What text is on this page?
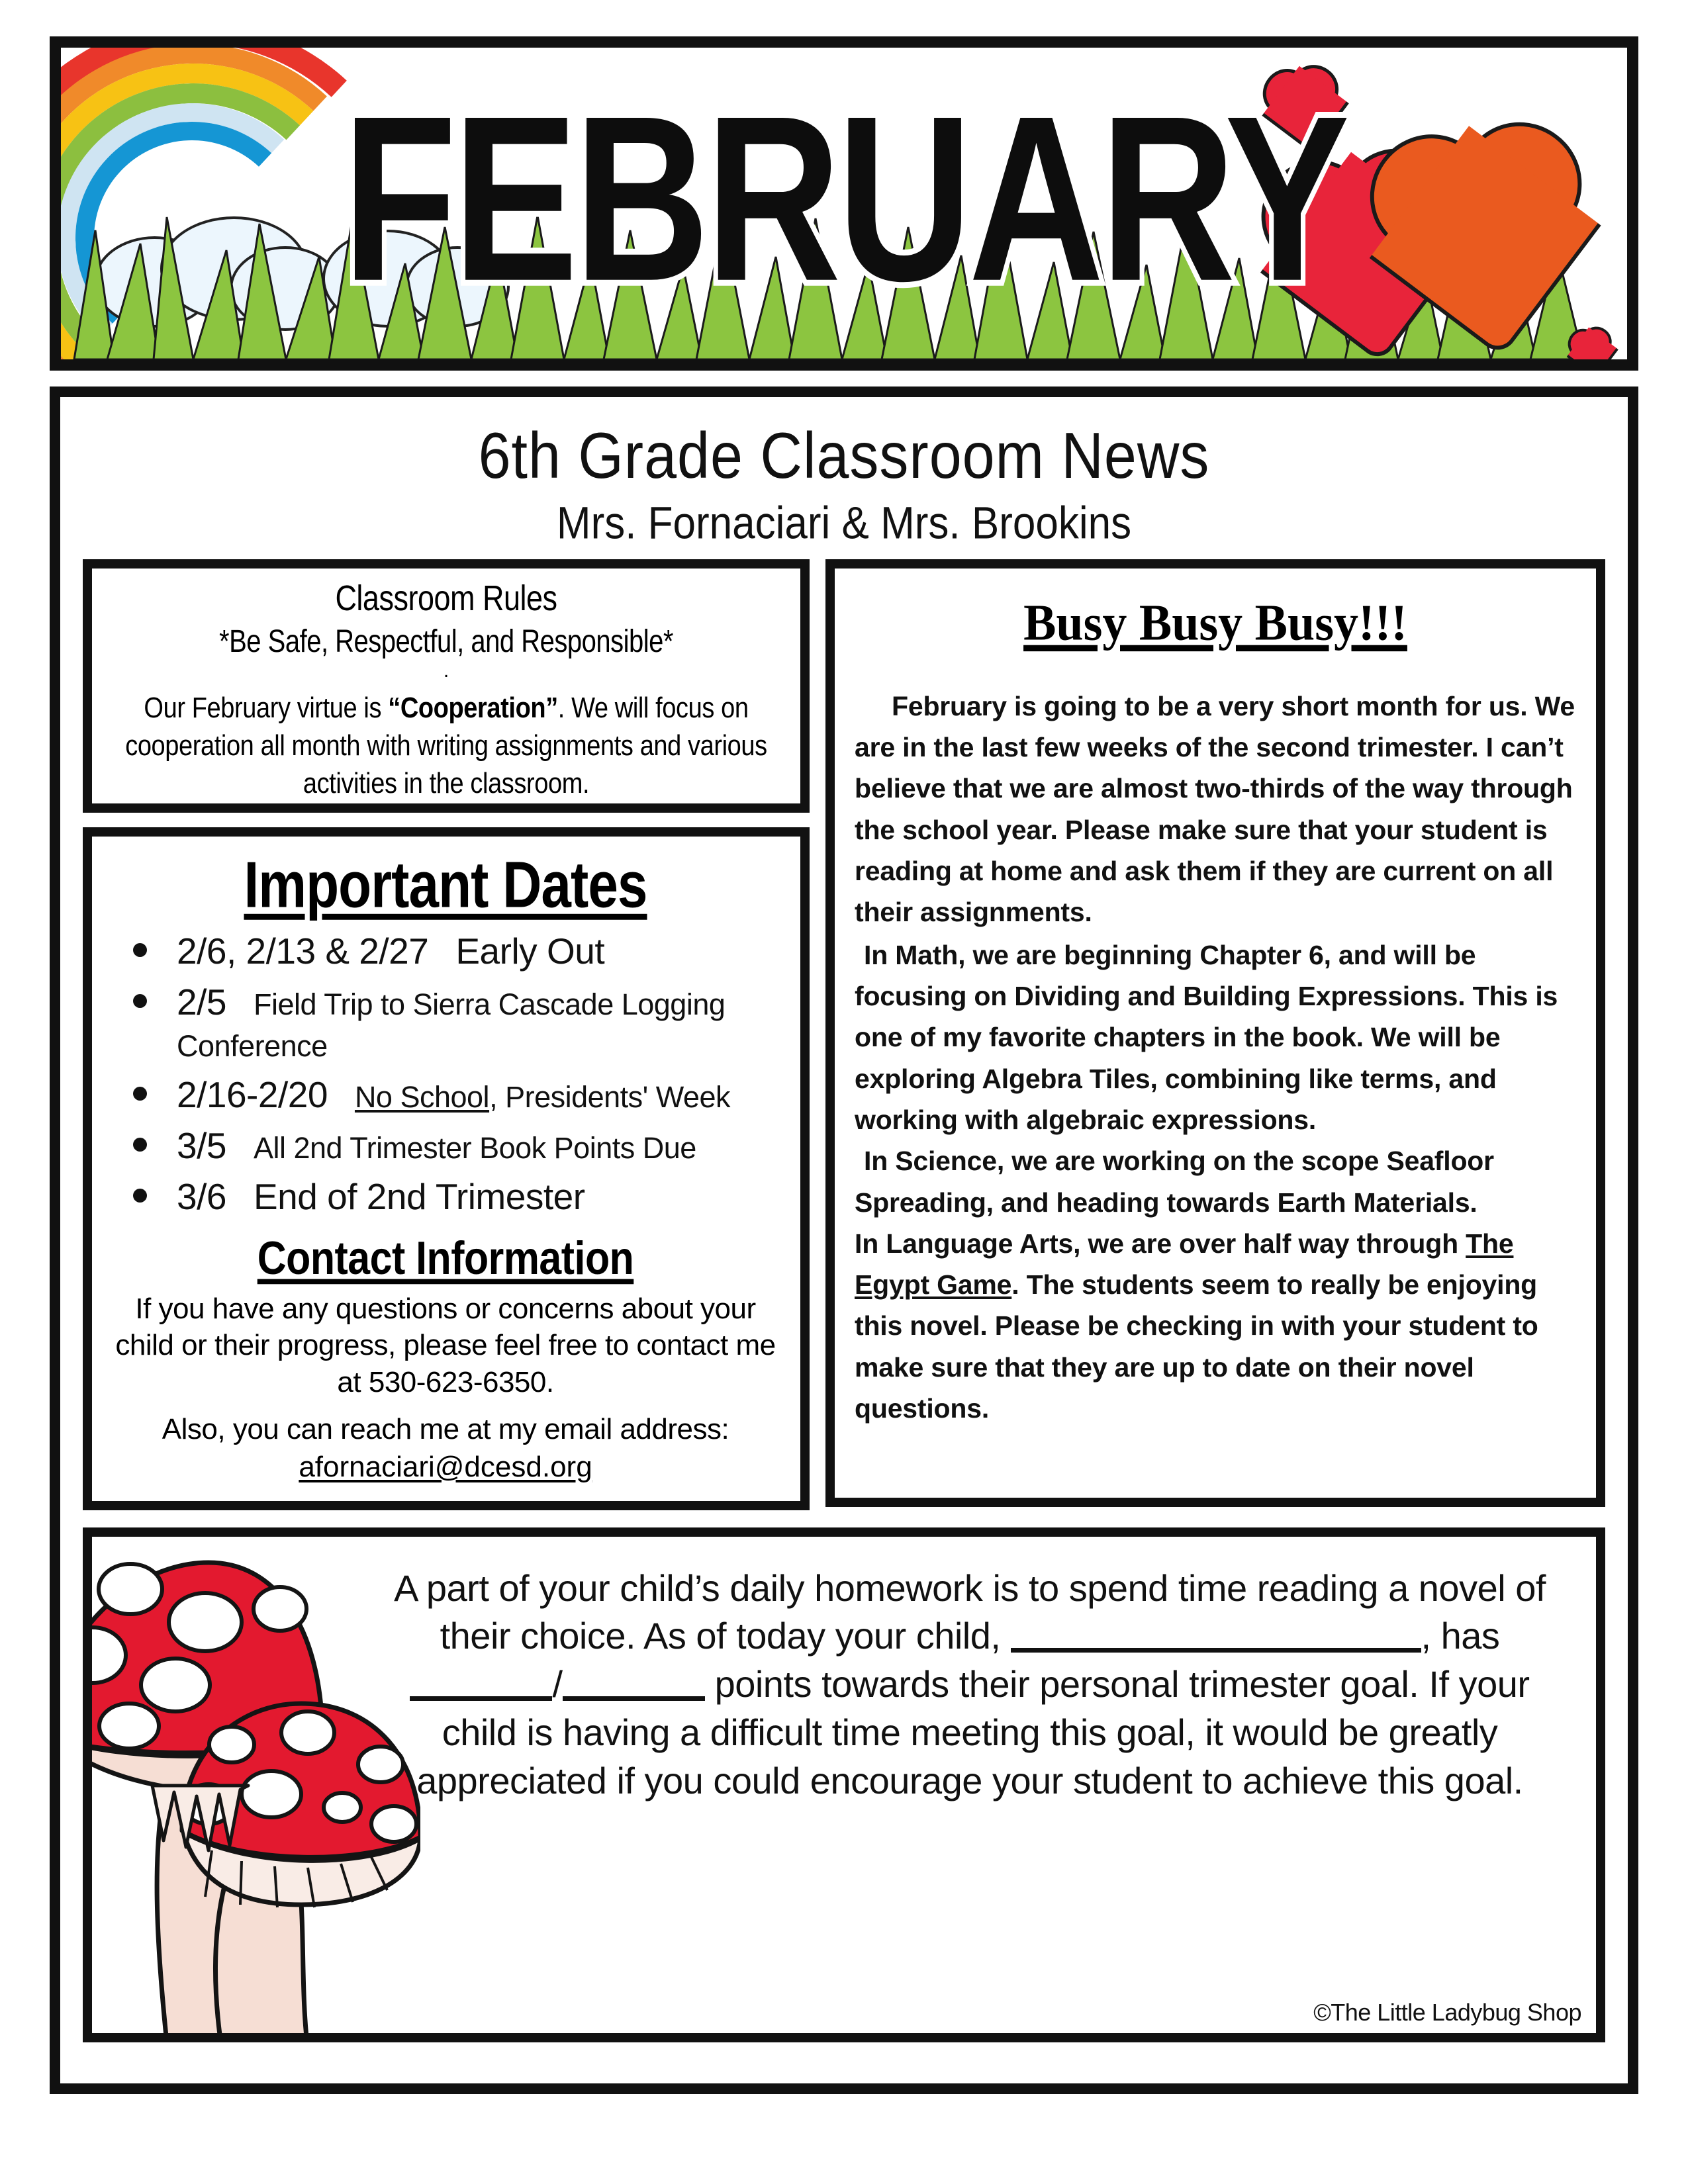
FEBRUARY
6th Grade Classroom News
Mrs. Fornaciari & Mrs. Brookins
Classroom Rules
*Be Safe, Respectful, and Responsible*
.

Our February virtue is “Cooperation”. We will focus on cooperation all month with writing assignments and various activities in the classroom.

Important Dates
2/6, 2/13 & 2/27 Early Out
2/5 Field Trip to Sierra Cascade Logging Conference
2/16-2/20 No School, Presidents' Week
3/5 All 2nd Trimester Book Points Due
3/6 End of 2nd Trimester
Contact Information

If you have any questions or concerns about your child or their progress, please feel free to contact me at 530-623-6350.

Also, you can reach me at my email address:

afornaciari@dcesd.org
Busy Busy Busy!!!

February is going to be a very short month for us. We are in the last few weeks of the second trimester. I can’t believe that we are almost two-thirds of the way through the school year. Please make sure that your student is reading at home and ask them if they are current on all their assignments.

In Math, we are beginning Chapter 6, and will be focusing on Dividing and Building Expressions. This is one of my favorite chapters in the book. We will be exploring Algebra Tiles, combining like terms, and working with algebraic expressions.

In Science, we are working on the scope Seafloor Spreading, and heading towards Earth Materials.

In Language Arts, we are over half way through The Egypt Game. The students seem to really be enjoying this novel. Please be checking in with your student to make sure that they are up to date on their novel questions.

A part of your child’s daily homework is to spend time reading a novel of their choice. As of today your child,	, has /	points towards their personal trimester goal. If your child is having a difficult time meeting this goal, it would be greatly appreciated if you could encourage your student to achieve this goal.
©The Little Ladybug Shop
